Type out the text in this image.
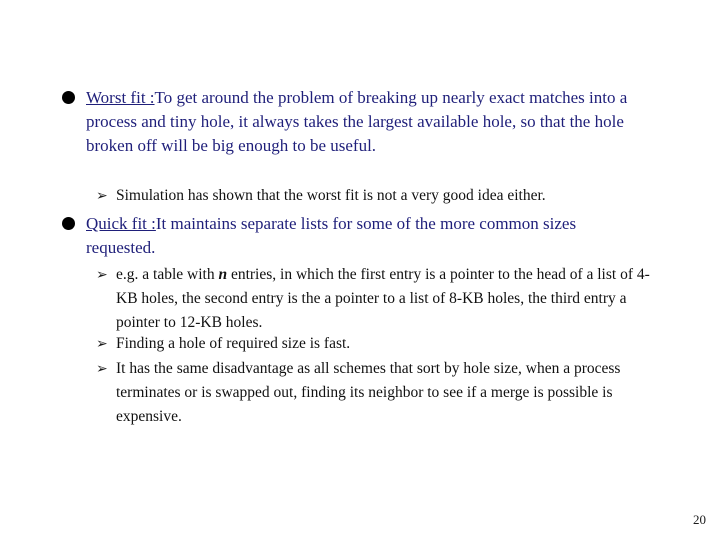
Worst fit :To get around the problem of breaking up nearly exact matches into a process and tiny hole, it always takes the largest available hole, so that the hole broken off will be big enough to be useful.
➢ Simulation has shown that the worst fit is not a very good idea either.
Quick fit :It maintains separate lists for some of the more common sizes requested.
➢ e.g. a table with n entries, in which the first entry is a pointer to the head of a list of 4-KB holes, the second entry is the a pointer to a list of 8-KB holes, the third entry a pointer to 12-KB holes.
➢ Finding a hole of required size is fast.
➢ It has the same disadvantage as all schemes that sort by hole size, when a process terminates or is swapped out, finding its neighbor to see if a merge is possible is expensive.
20
